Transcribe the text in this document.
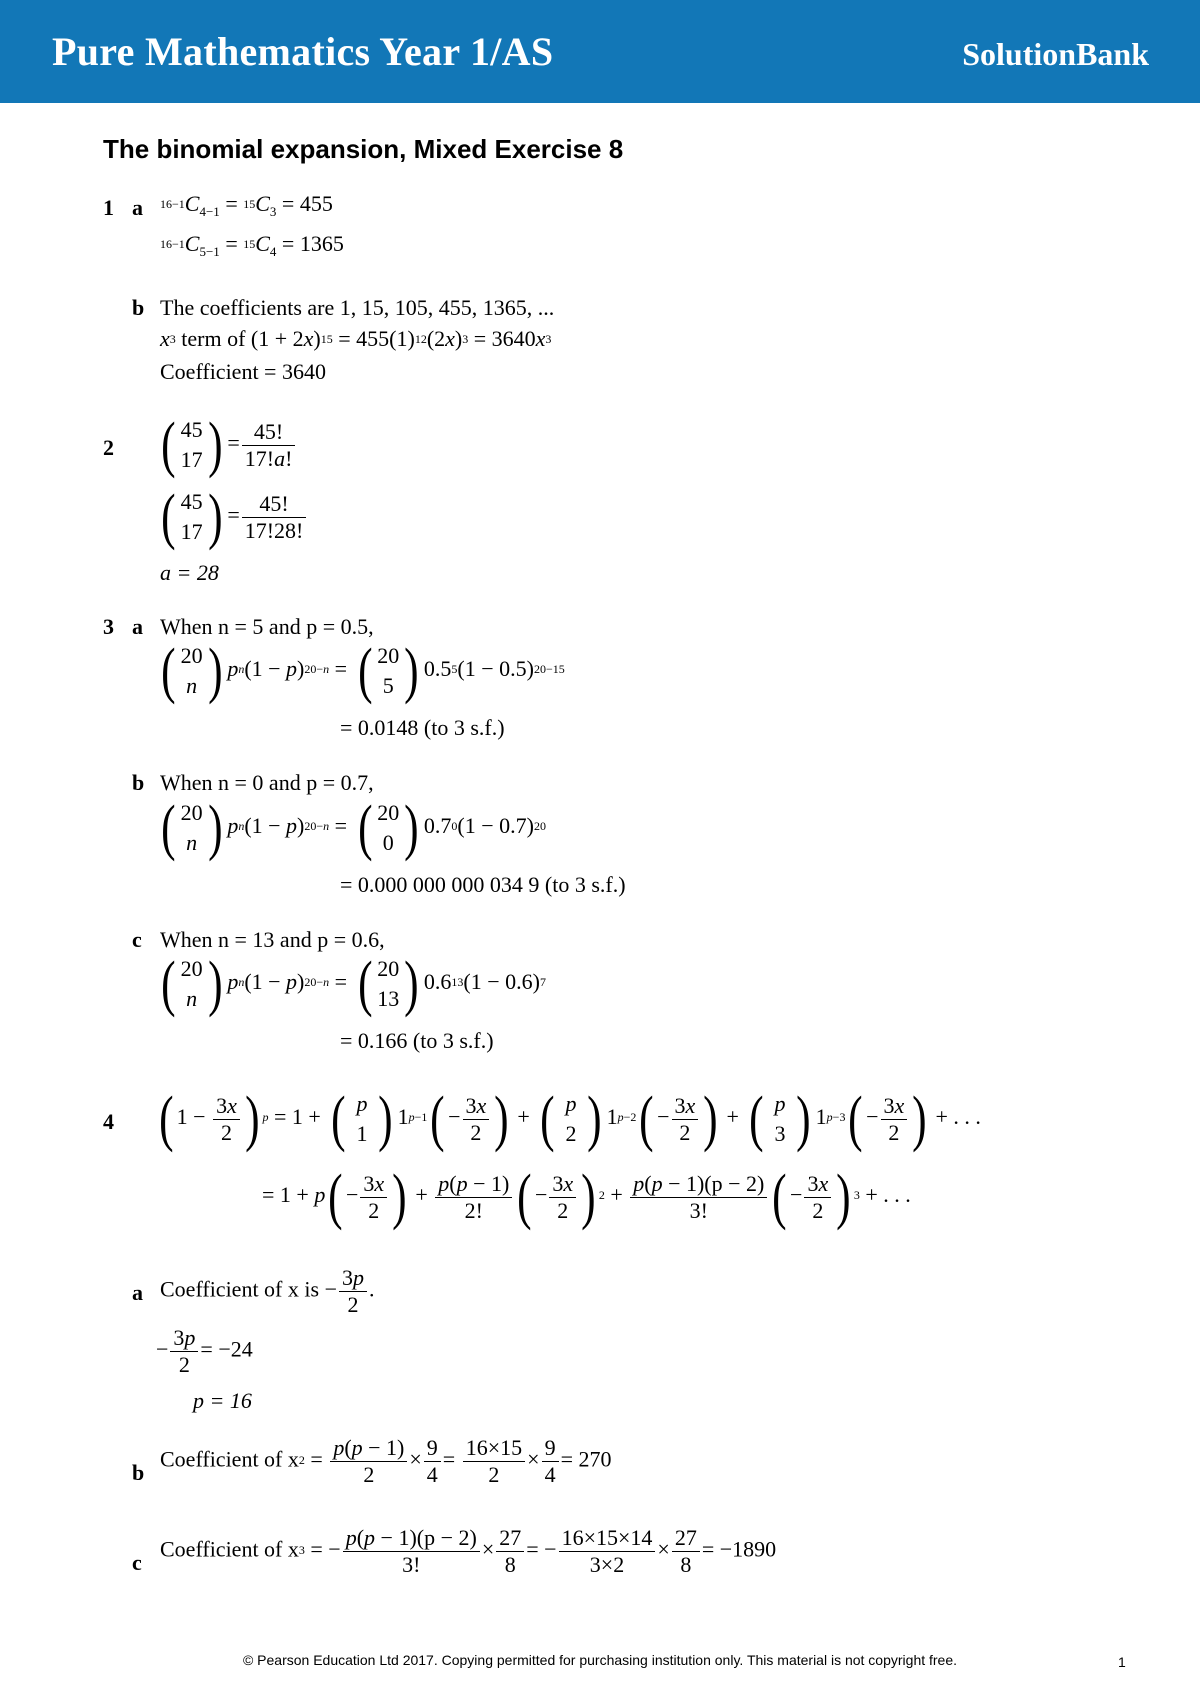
Pure Mathematics Year 1/AS	SolutionBank
The binomial expansion, Mixed Exercise 8
1 a $^{16-1}C_{4-1} = ^{15}C_3 = 455$
$^{16-1}C_{5-1} = ^{15}C_4 = 1365$
b The coefficients are 1, 15, 105, 455, 1365, ...
$x^3$ term of $(1 + 2x)^{15} = 455(1)^{12}(2x)^3 = 3640x^3$
Coefficient = 3640
2 ( 45
17 ) = $\frac{45!}{17!a!}$
( 45
17 ) = $\frac{45!}{17!28!}$
a = 28
3 a When n = 5 and p = 0.5,
( 20
n ) $p^n(1 - p)^{20-n}$ = ( 20
5 ) $0.5^5(1 - 0.5)^{20-15}$
= 0.0148 (to 3 s.f.)
b When n = 0 and p = 0.7,
( 20
n ) $p^n(1 - p)^{20-n}$ = ( 20
0 ) $0.7^0(1 - 0.7)^{20}$
= 0.000 000 000 034 9 (to 3 s.f.)
c When n = 13 and p = 0.6,
( 20
n ) $p^n(1 - p)^{20-n}$ = ( 20
13 ) $0.6^{13}(1 - 0.6)^7$
= 0.166 (to 3 s.f.)
4 ( $1 - \frac{3x}{2}$ ) $^p$ = 1 + ( p
1 ) $1^{p-1}( - \frac{3x}{2}$ ) + ( p
2 ) $1^{p-2}( - \frac{3x}{2}$ ) + ( p
3 ) $1^{p-3}( - \frac{3x}{2}$ ) + . . .
= $1 + p( - \frac{3x}{2}$ ) + $\frac{p(p - 1)}{2!}$ ( − $\frac{3x}{2}$ ) $^2 + \frac{p(p - 1)(p - 2)}{3!}$ ( − $\frac{3x}{2}$ ) $^3$ + . . .
a Coefficient of x is − $\frac{3p}{2}$ .
− $\frac{3p}{2} = -24$
p = 16
b
Coefficient of $x^2 = \frac{p(p - 1)}{2} \times \frac{9}{4} = \frac{16\times 15}{2} \times \frac{9}{4} = 270$
c
Coefficient of $x^3$ = − $\frac{p(p - 1)(p - 2)}{3!} \times \frac{27}{8}$ = − $\frac{16\times 15\times 14}{3\times 2} \times \frac{27}{8} = -1890$
© Pearson Education Ltd 2017. Copying permitted for purchasing institution only. This material is not copyright free.	1
